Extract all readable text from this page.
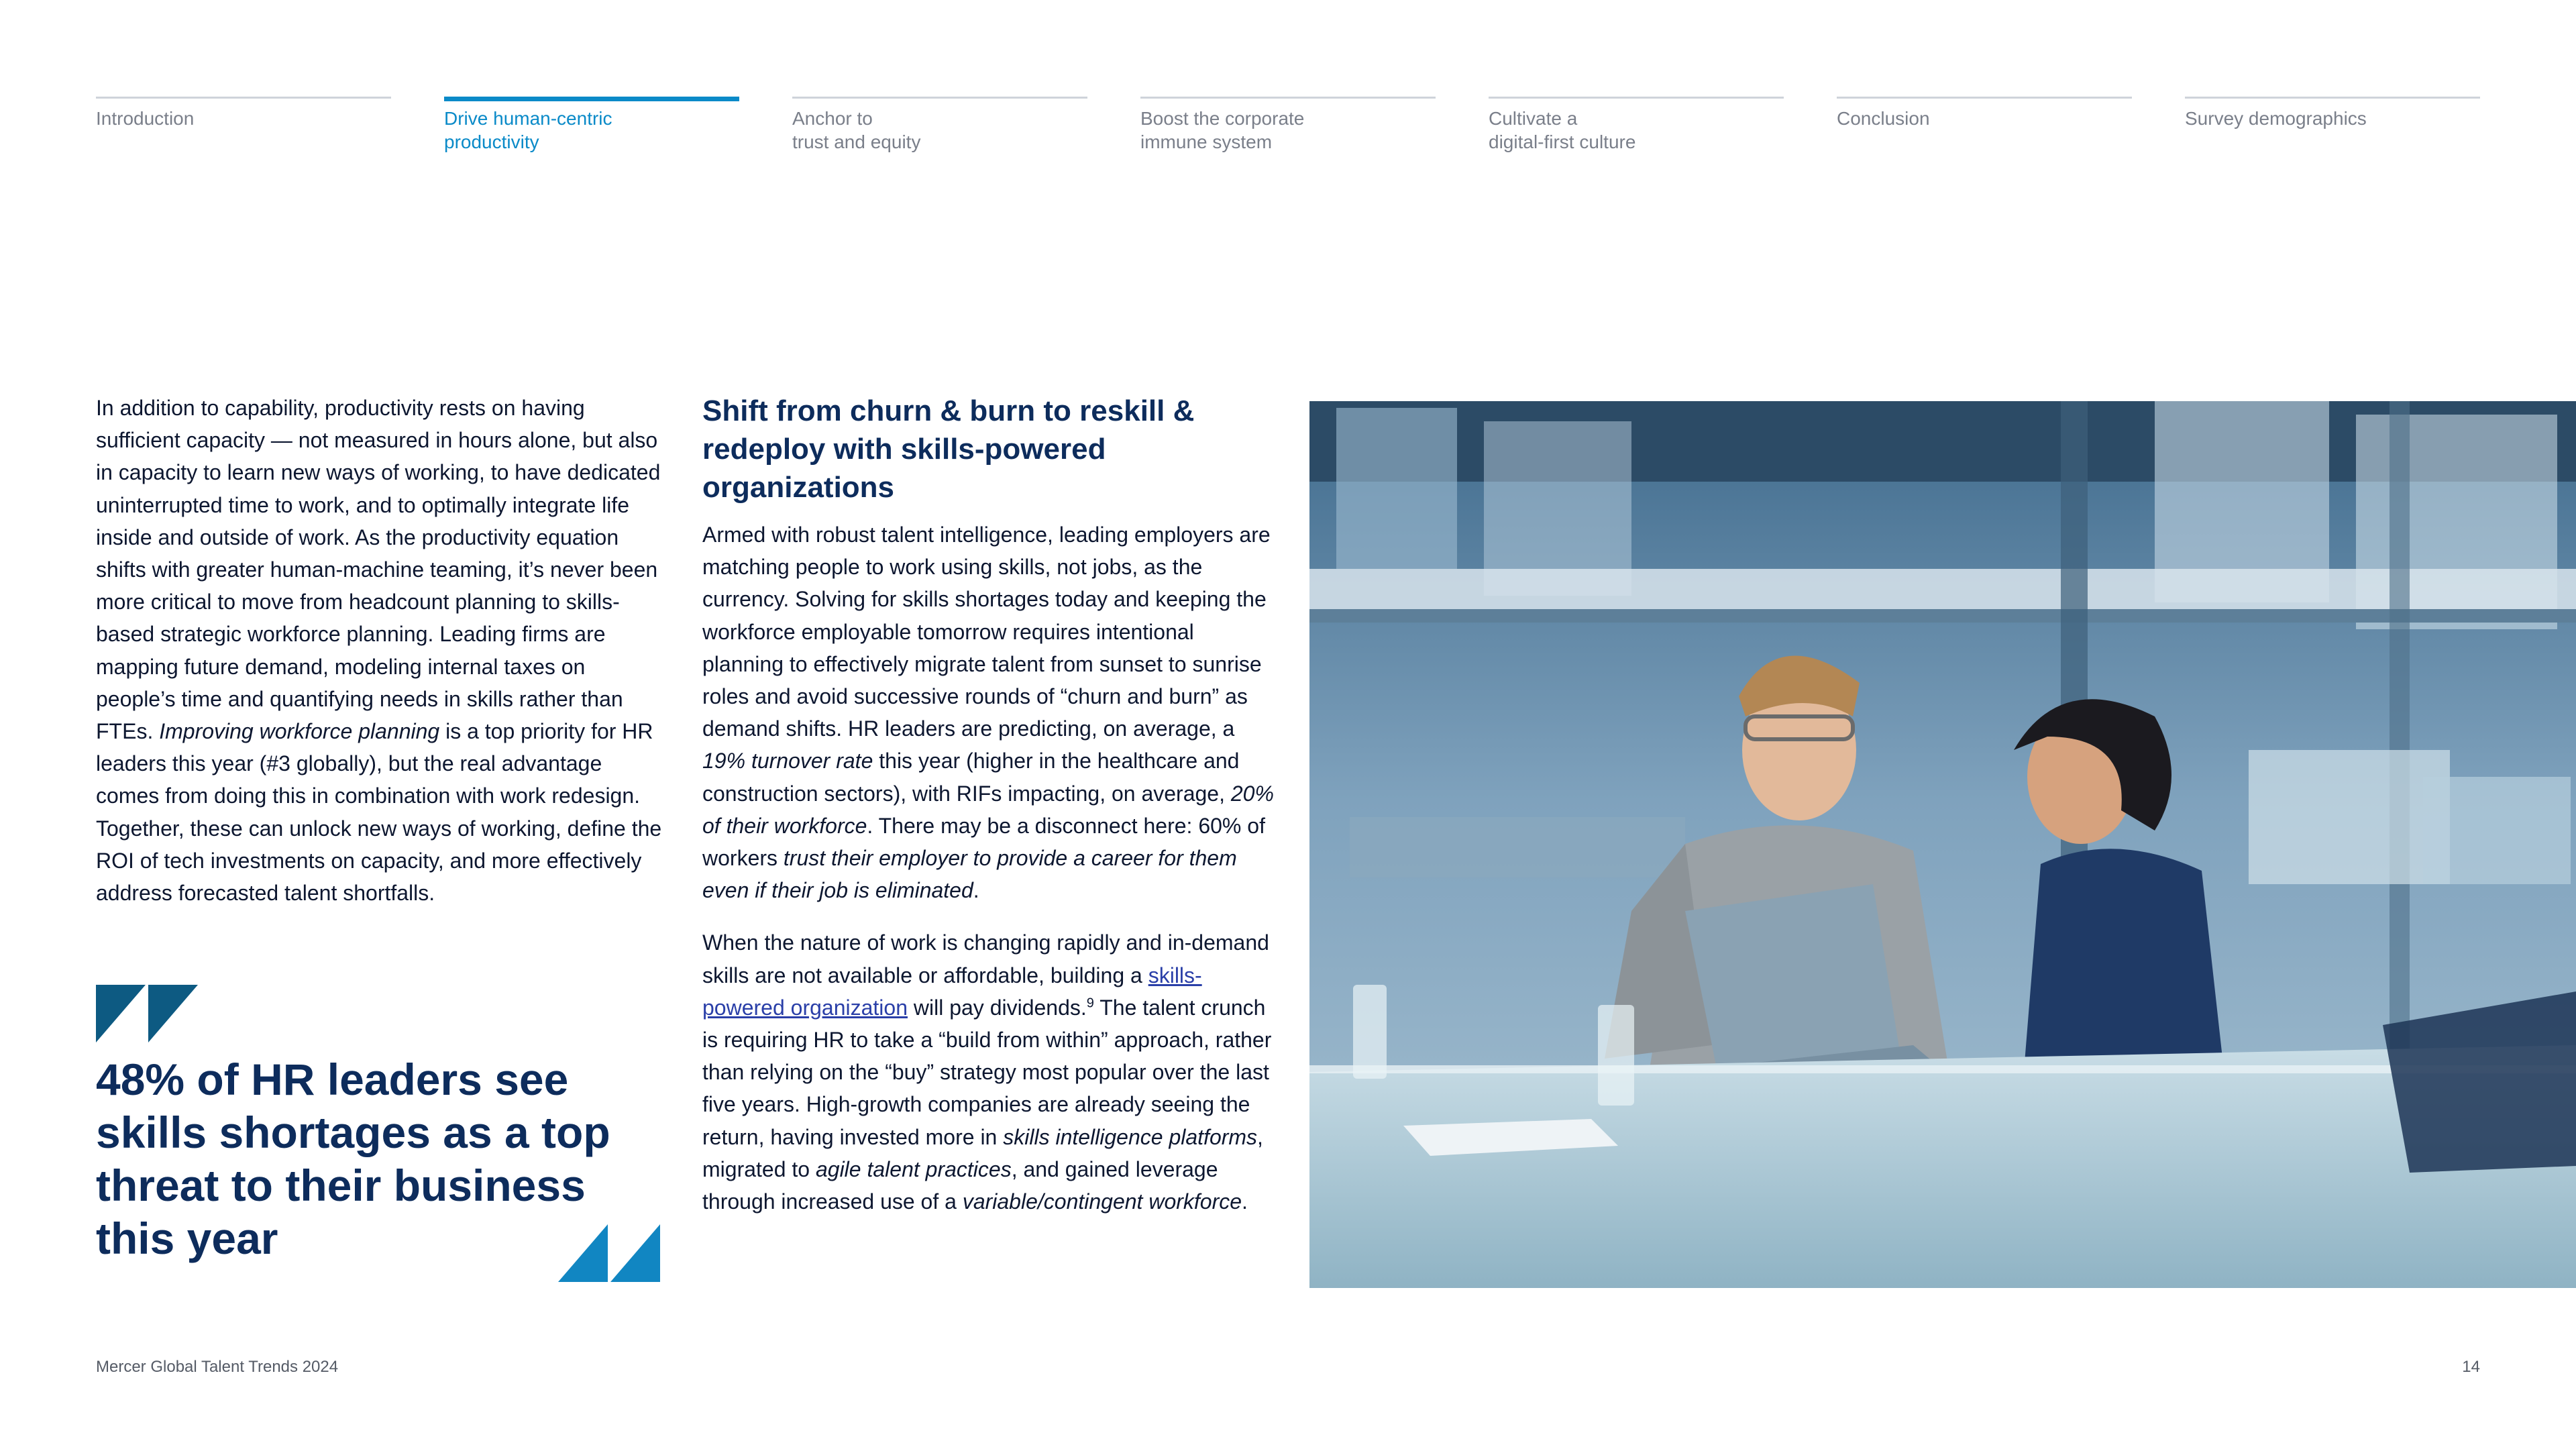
Introduction	Drive human-centric
productivity
Anchor to
trust and equity
Boost the corporate
immune system
Cultivate a
digital-first culture
Conclusion	Survey demographics

In addition to capability, productivity rests on having sufficient capacity — not measured in hours alone, but also in capacity to learn new ways of working, to have dedicated uninterrupted time to work, and to optimally integrate life inside and outside of work. As the productivity equation shifts with greater human-machine teaming, it’s never been more critical to move from headcount planning to skills-based strategic workforce planning. Leading firms are mapping future demand, modeling internal taxes on people’s time and quantifying needs in skills rather than FTEs. Improving workforce planning is a top priority for HR leaders this year (#3 globally), but the real advantage comes from doing this in combination with work redesign. Together, these can unlock new ways of working, define the ROI of tech investments on capacity, and more effectively address forecasted talent shortfalls.

48% of HR leaders see skills shortages as a top threat to their business this year

Shift from churn & burn to reskill & redeploy with skills-powered organizations

Armed with robust talent intelligence, leading employers are matching people to work using skills, not jobs, as the currency. Solving for skills shortages today and keeping the workforce employable tomorrow requires intentional planning to effectively migrate talent from sunset to sunrise roles and avoid successive rounds of “churn and burn” as demand shifts. HR leaders are predicting, on average, a 19% turnover rate this year (higher in the healthcare and construction sectors), with RIFs impacting, on average, 20% of their workforce. There may be a disconnect here: 60% of workers trust their employer to provide a career for them even if their job is eliminated.

When the nature of work is changing rapidly and in-demand skills are not available or affordable, building a skills-powered organization will pay dividends.$^9$ The talent crunch is requiring HR to take a “build from within” approach, rather than relying on the “buy” strategy most popular over the last five years. High-growth companies are already seeing the return, having invested more in skills intelligence platforms, migrated to agile talent practices, and gained leverage through increased use of a variable/contingent workforce.

Mercer Global Talent Trends 2024	14
